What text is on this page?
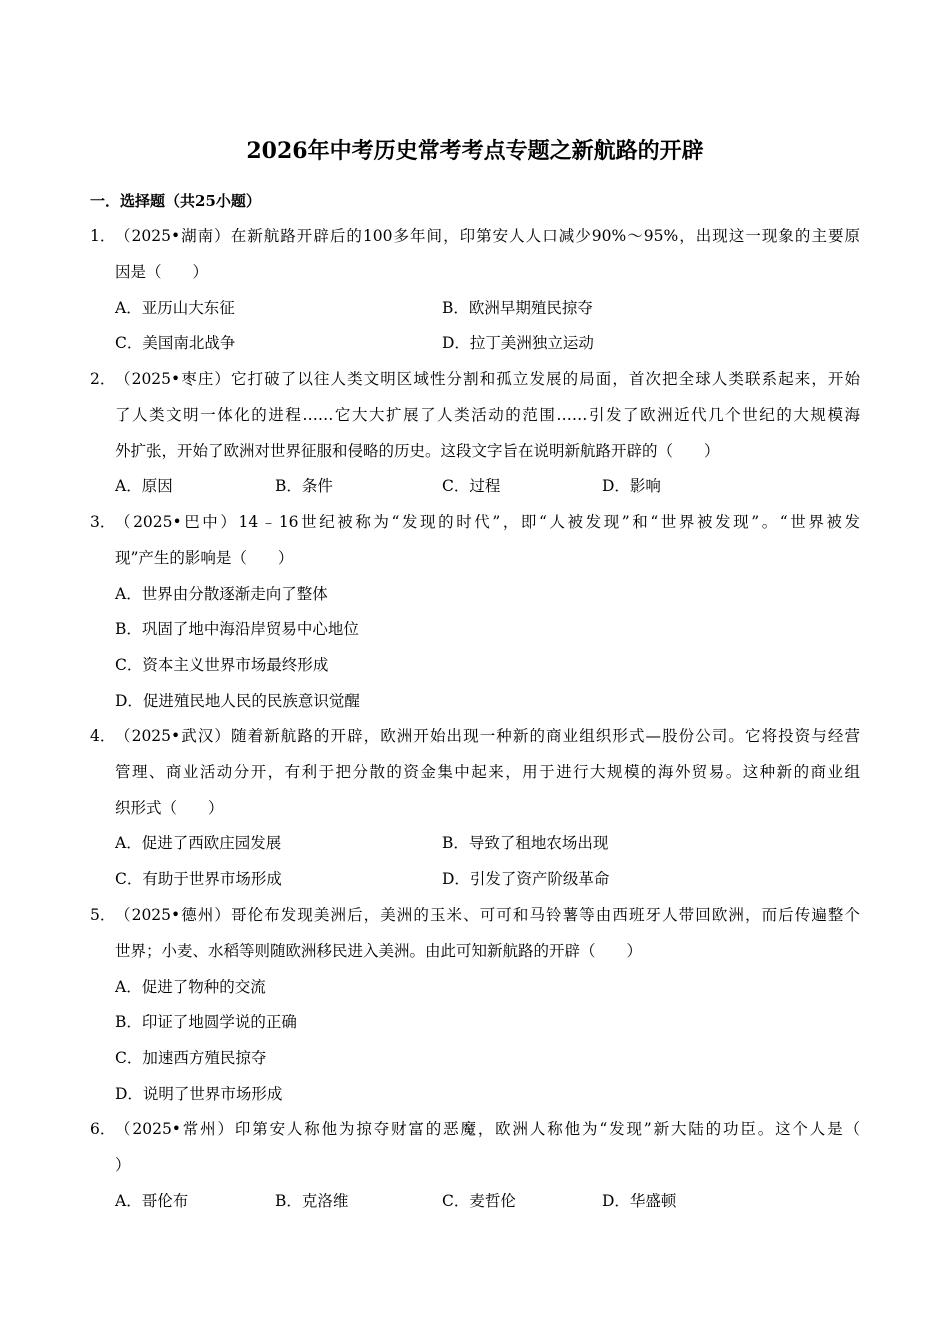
2026年中考历史常考考点专题之新航路的开辟
一．选择题（共25小题）
1． （2025•湖南）在新航路开辟后的100多年间，印第安人人口减少90%～95%，出现这一现象的主要原
因是（　　）
A．亚历山大东征	B．欧洲早期殖民掠夺
C．美国南北战争	D．拉丁美洲独立运动
2． （2025•枣庄）它打破了以往人类文明区域性分割和孤立发展的局面，首次把全球人类联系起来，开始
了人类文明一体化的进程……它大大扩展了人类活动的范围……引发了欧洲近代几个世纪的大规模海
外扩张，开始了欧洲对世界征服和侵略的历史。这段文字旨在说明新航路开辟的（　　）
A．原因	B．条件	C．过程	D．影响
3． （2025•巴中）14﹣16世纪被称为“发现的时代”，即“人被发现”和“世界被发现”。“世界被发
现”产生的影响是（　　）
A．世界由分散逐渐走向了整体
B．巩固了地中海沿岸贸易中心地位
C．资本主义世界市场最终形成
D．促进殖民地人民的民族意识觉醒
4． （2025•武汉）随着新航路的开辟，欧洲开始出现一种新的商业组织形式—股份公司。它将投资与经营
管理、商业活动分开，有利于把分散的资金集中起来，用于进行大规模的海外贸易。这种新的商业组
织形式（　　）
A．促进了西欧庄园发展	B．导致了租地农场出现
C．有助于世界市场形成	D．引发了资产阶级革命
5． （2025•德州）哥伦布发现美洲后，美洲的玉米、可可和马铃薯等由西班牙人带回欧洲，而后传遍整个
世界；小麦、水稻等则随欧洲移民进入美洲。由此可知新航路的开辟（　　）
A．促进了物种的交流
B．印证了地圆学说的正确
C．加速西方殖民掠夺
D．说明了世界市场形成
6． （2025•常州）印第安人称他为掠夺财富的恶魔，欧洲人称他为“发现”新大陆的功臣。这个人是（
）
A．哥伦布	B．克洛维	C．麦哲伦	D．华盛顿
